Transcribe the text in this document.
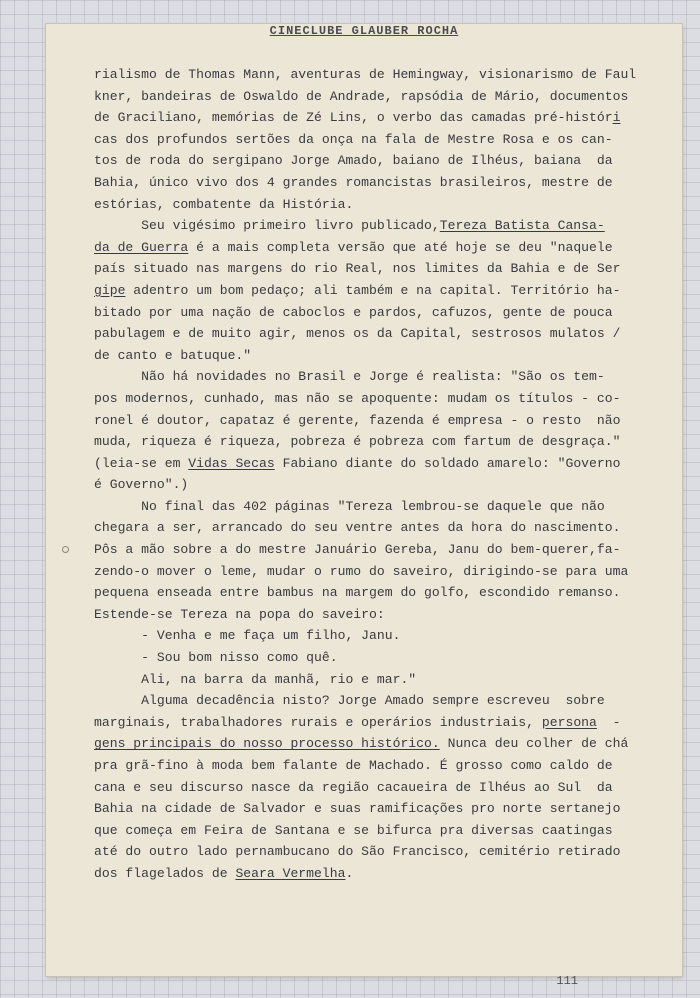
CINECLUBE GLAUBER ROCHA
rialismo de Thomas Mann, aventuras de Hemingway, visionarismo de Faul
kner, bandeiras de Oswaldo de Andrade, rapsódia de Mário, documentos
de Graciliano, memórias de Zé Lins, o verbo das camadas pré-históri
cas dos profundos sertões da onça na fala de Mestre Rosa e os can-
tos de roda do sergipano Jorge Amado, baiano de Ilhéus, baiana  da
Bahia, único vivo dos 4 grandes romancistas brasileiros, mestre de
estórias, combatente da História.
Seu vigésimo primeiro livro publicado,Tereza Batista Cansa-
da de Guerra é a mais completa versão que até hoje se deu "naquele
país situado nas margens do rio Real, nos limites da Bahia e de Ser
gipe adentro um bom pedaço; ali também e na capital. Território ha-
bitado por uma nação de caboclos e pardos, cafuzos, gente de pouca
pabulagem e de muito agir, menos os da Capital, sestrosos mulatos /
de canto e batuque."
Não há novidades no Brasil e Jorge é realista: "São os tem-
pos modernos, cunhado, mas não se apoquente: mudam os títulos - co-
ronel é doutor, capataz é gerente, fazenda é empresa - o resto  não
muda, riqueza é riqueza, pobreza é pobreza com fartum de desgraça."
(leia-se em Vidas Secas Fabiano diante do soldado amarelo: "Governo
é Governo".)
No final das 402 páginas "Tereza lembrou-se daquele que não
chegara a ser, arrancado do seu ventre antes da hora do nascimento.
Pôs a mão sobre a do mestre Januário Gereba, Janu do bem-querer,fa-
zendo-o mover o leme, mudar o rumo do saveiro, dirigindo-se para uma
pequena enseada entre bambus na margem do golfo, escondido remanso.
Estende-se Tereza na popa do saveiro:
- Venha e me faça um filho, Janu.
- Sou bom nisso como quê.
Ali, na barra da manhã, rio e mar."
Alguma decadência nisto? Jorge Amado sempre escreveu  sobre
marginais, trabalhadores rurais e operários industriais, persona  -
gens principais do nosso processo histórico. Nunca deu colher de chá
pra grã-fino à moda bem falante de Machado. É grosso como caldo de
cana e seu discurso nasce da região cacaueira de Ilhéus ao Sul  da
Bahia na cidade de Salvador e suas ramificações pro norte sertanejo
que começa em Feira de Santana e se bifurca pra diversas caatingas
até do outro lado pernambucano do São Francisco, cemitério retirado
dos flagelados de Seara Vermelha.
111
